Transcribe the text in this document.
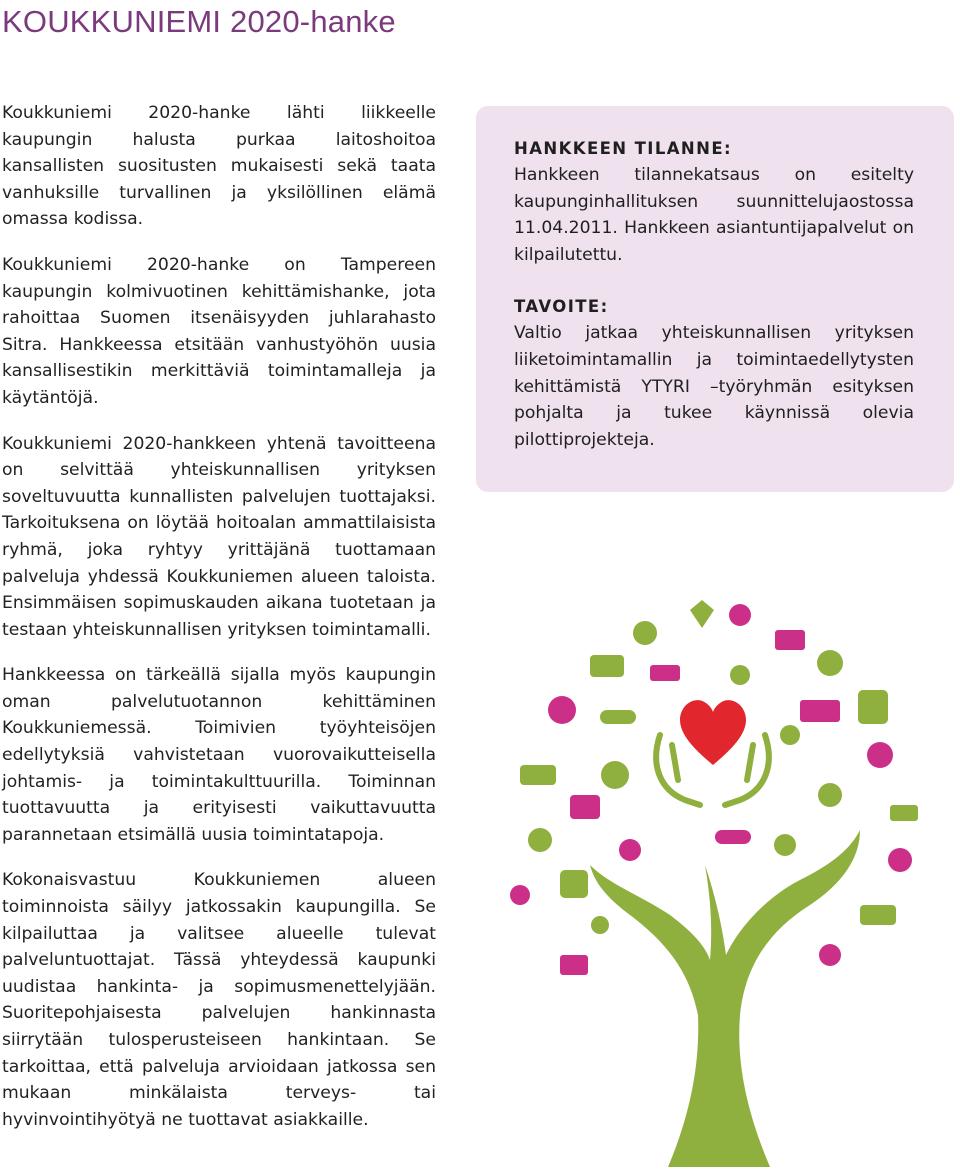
KOUKKUNIEMI 2020-hanke

Koukkuniemi 2020-hanke lähti liikkeelle kaupungin halusta purkaa laitoshoitoa kansallisten suositusten mukaisesti sekä taata vanhuksille turvallinen ja yksilöllinen elämä omassa kodissa.

Koukkuniemi 2020-hanke on Tampereen kaupungin kolmivuotinen kehittämishanke, jota rahoittaa Suomen itsenäisyyden juhlarahasto Sitra. Hankkeessa etsitään vanhustyöhön uusia kansallisestikin merkittäviä toimintamalleja ja käytäntöjä.

Koukkuniemi 2020-hankkeen yhtenä tavoitteena on selvittää yhteiskunnallisen yrityksen soveltuvuutta kunnallisten palvelujen tuottajaksi. Tarkoituksena on löytää hoitoalan ammattilaisista ryhmä, joka ryhtyy yrittäjänä tuottamaan palveluja yhdessä Koukkuniemen alueen taloista. Ensimmäisen sopimuskauden aikana tuotetaan ja testaan yhteiskunnallisen yrityksen toimintamalli.

Hankkeessa on tärkeällä sijalla myös kaupungin oman palvelutuotannon kehittäminen Koukkuniemessä. Toimivien työyhteisöjen edellytyksiä vahvistetaan vuorovaikutteisella johtamis- ja toimintakulttuurilla. Toiminnan tuottavuutta ja erityisesti vaikuttavuutta parannetaan etsimällä uusia toimintatapoja.

Kokonaisvastuu Koukkuniemen alueen toiminnoista säilyy jatkossakin kaupungilla. Se kilpailuttaa ja valitsee alueelle tulevat palveluntuottajat. Tässä yhteydessä kaupunki uudistaa hankinta- ja sopimusmenettelyjään. Suoritepohjaisesta palvelujen hankinnasta siirrytään tulosperusteiseen hankintaan. Se tarkoittaa, että palveluja arvioidaan jatkossa sen mukaan minkälaista terveys- tai hyvinvointihyötyä ne tuottavat asiakkaille.

HANKKEEN TILANNE:

Hankkeen tilannekatsaus on esitelty kaupunginhallituksen suunnittelujaostossa 11.04.2011. Hankkeen asiantuntijapalvelut on kilpailutettu.

TAVOITE:

Valtio jatkaa yhteiskunnallisen yrityksen liiketoimintamallin ja toimintaedellytysten kehittämistä YTYRI –työryhmän esityksen pohjalta ja tukee käynnissä olevia pilottiprojekteja.
